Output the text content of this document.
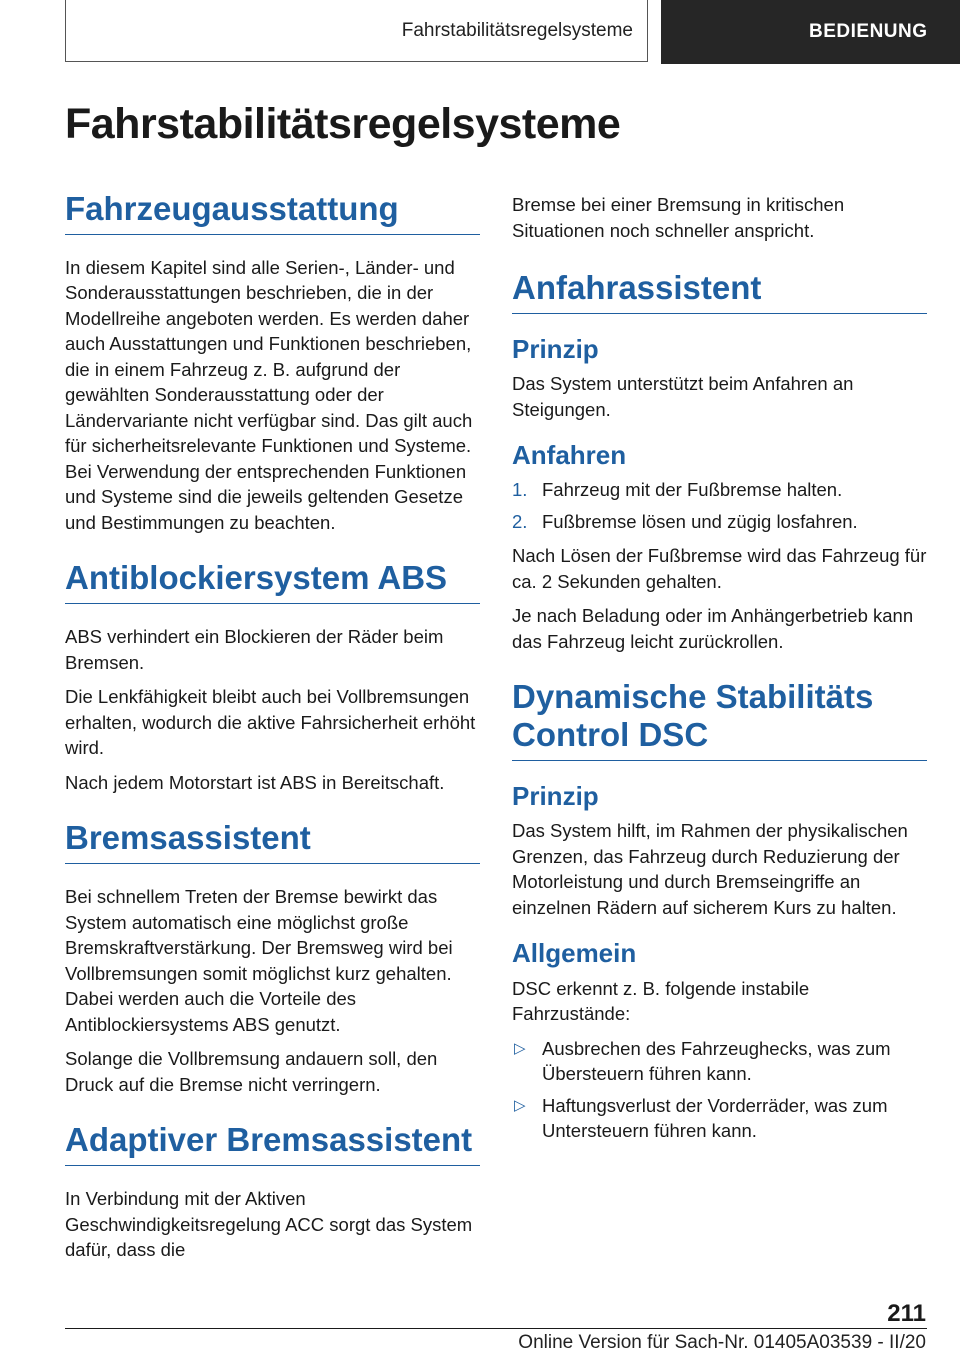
Fahrstabilitätsregelsysteme	BEDIENUNG
Fahrstabilitätsregelsysteme
Fahrzeugausstattung

In diesem Kapitel sind alle Serien-, Länder- und Sonderausstattungen beschrieben, die in der Modellreihe angeboten werden. Es werden daher auch Ausstattungen und Funktionen beschrieben, die in einem Fahrzeug z. B. aufgrund der gewählten Sonderausstattung oder der Ländervariante nicht verfügbar sind. Das gilt auch für sicherheitsrelevante Funktionen und Systeme. Bei Verwendung der entsprechenden Funktionen und Systeme sind die jeweils geltenden Gesetze und Bestimmungen zu beachten.

Antiblockiersystem ABS

ABS verhindert ein Blockieren der Räder beim Bremsen.

Die Lenkfähigkeit bleibt auch bei Vollbremsungen erhalten, wodurch die aktive Fahrsicherheit erhöht wird.

Nach jedem Motorstart ist ABS in Bereitschaft.

Bremsassistent

Bei schnellem Treten der Bremse bewirkt das System automatisch eine möglichst große Bremskraftverstärkung. Der Bremsweg wird bei Vollbremsungen somit möglichst kurz gehalten. Dabei werden auch die Vorteile des Antiblockiersystems ABS genutzt.

Solange die Vollbremsung andauern soll, den Druck auf die Bremse nicht verringern.

Adaptiver Bremsassistent

In Verbindung mit der Aktiven Geschwindigkeitsregelung ACC sorgt das System dafür, dass die

Bremse bei einer Bremsung in kritischen Situationen noch schneller anspricht.

Anfahrassistent
Prinzip

Das System unterstützt beim Anfahren an Steigungen.

Anfahren
1. Fahrzeug mit der Fußbremse halten.
2. Fußbremse lösen und zügig losfahren.

Nach Lösen der Fußbremse wird das Fahrzeug für ca. 2 Sekunden gehalten.

Je nach Beladung oder im Anhängerbetrieb kann das Fahrzeug leicht zurückrollen.

Dynamische Stabilitäts Control DSC
Prinzip

Das System hilft, im Rahmen der physikalischen Grenzen, das Fahrzeug durch Reduzierung der Motorleistung und durch Bremseingriffe an einzelnen Rädern auf sicherem Kurs zu halten.

Allgemein

DSC erkennt z. B. folgende instabile Fahrzustände:

▷ Ausbrechen des Fahrzeughecks, was zum Übersteuern führen kann.
▷ Haftungsverlust der Vorderräder, was zum Untersteuern führen kann.
211
Online Version für Sach-Nr. 01405A03539 - II/20
